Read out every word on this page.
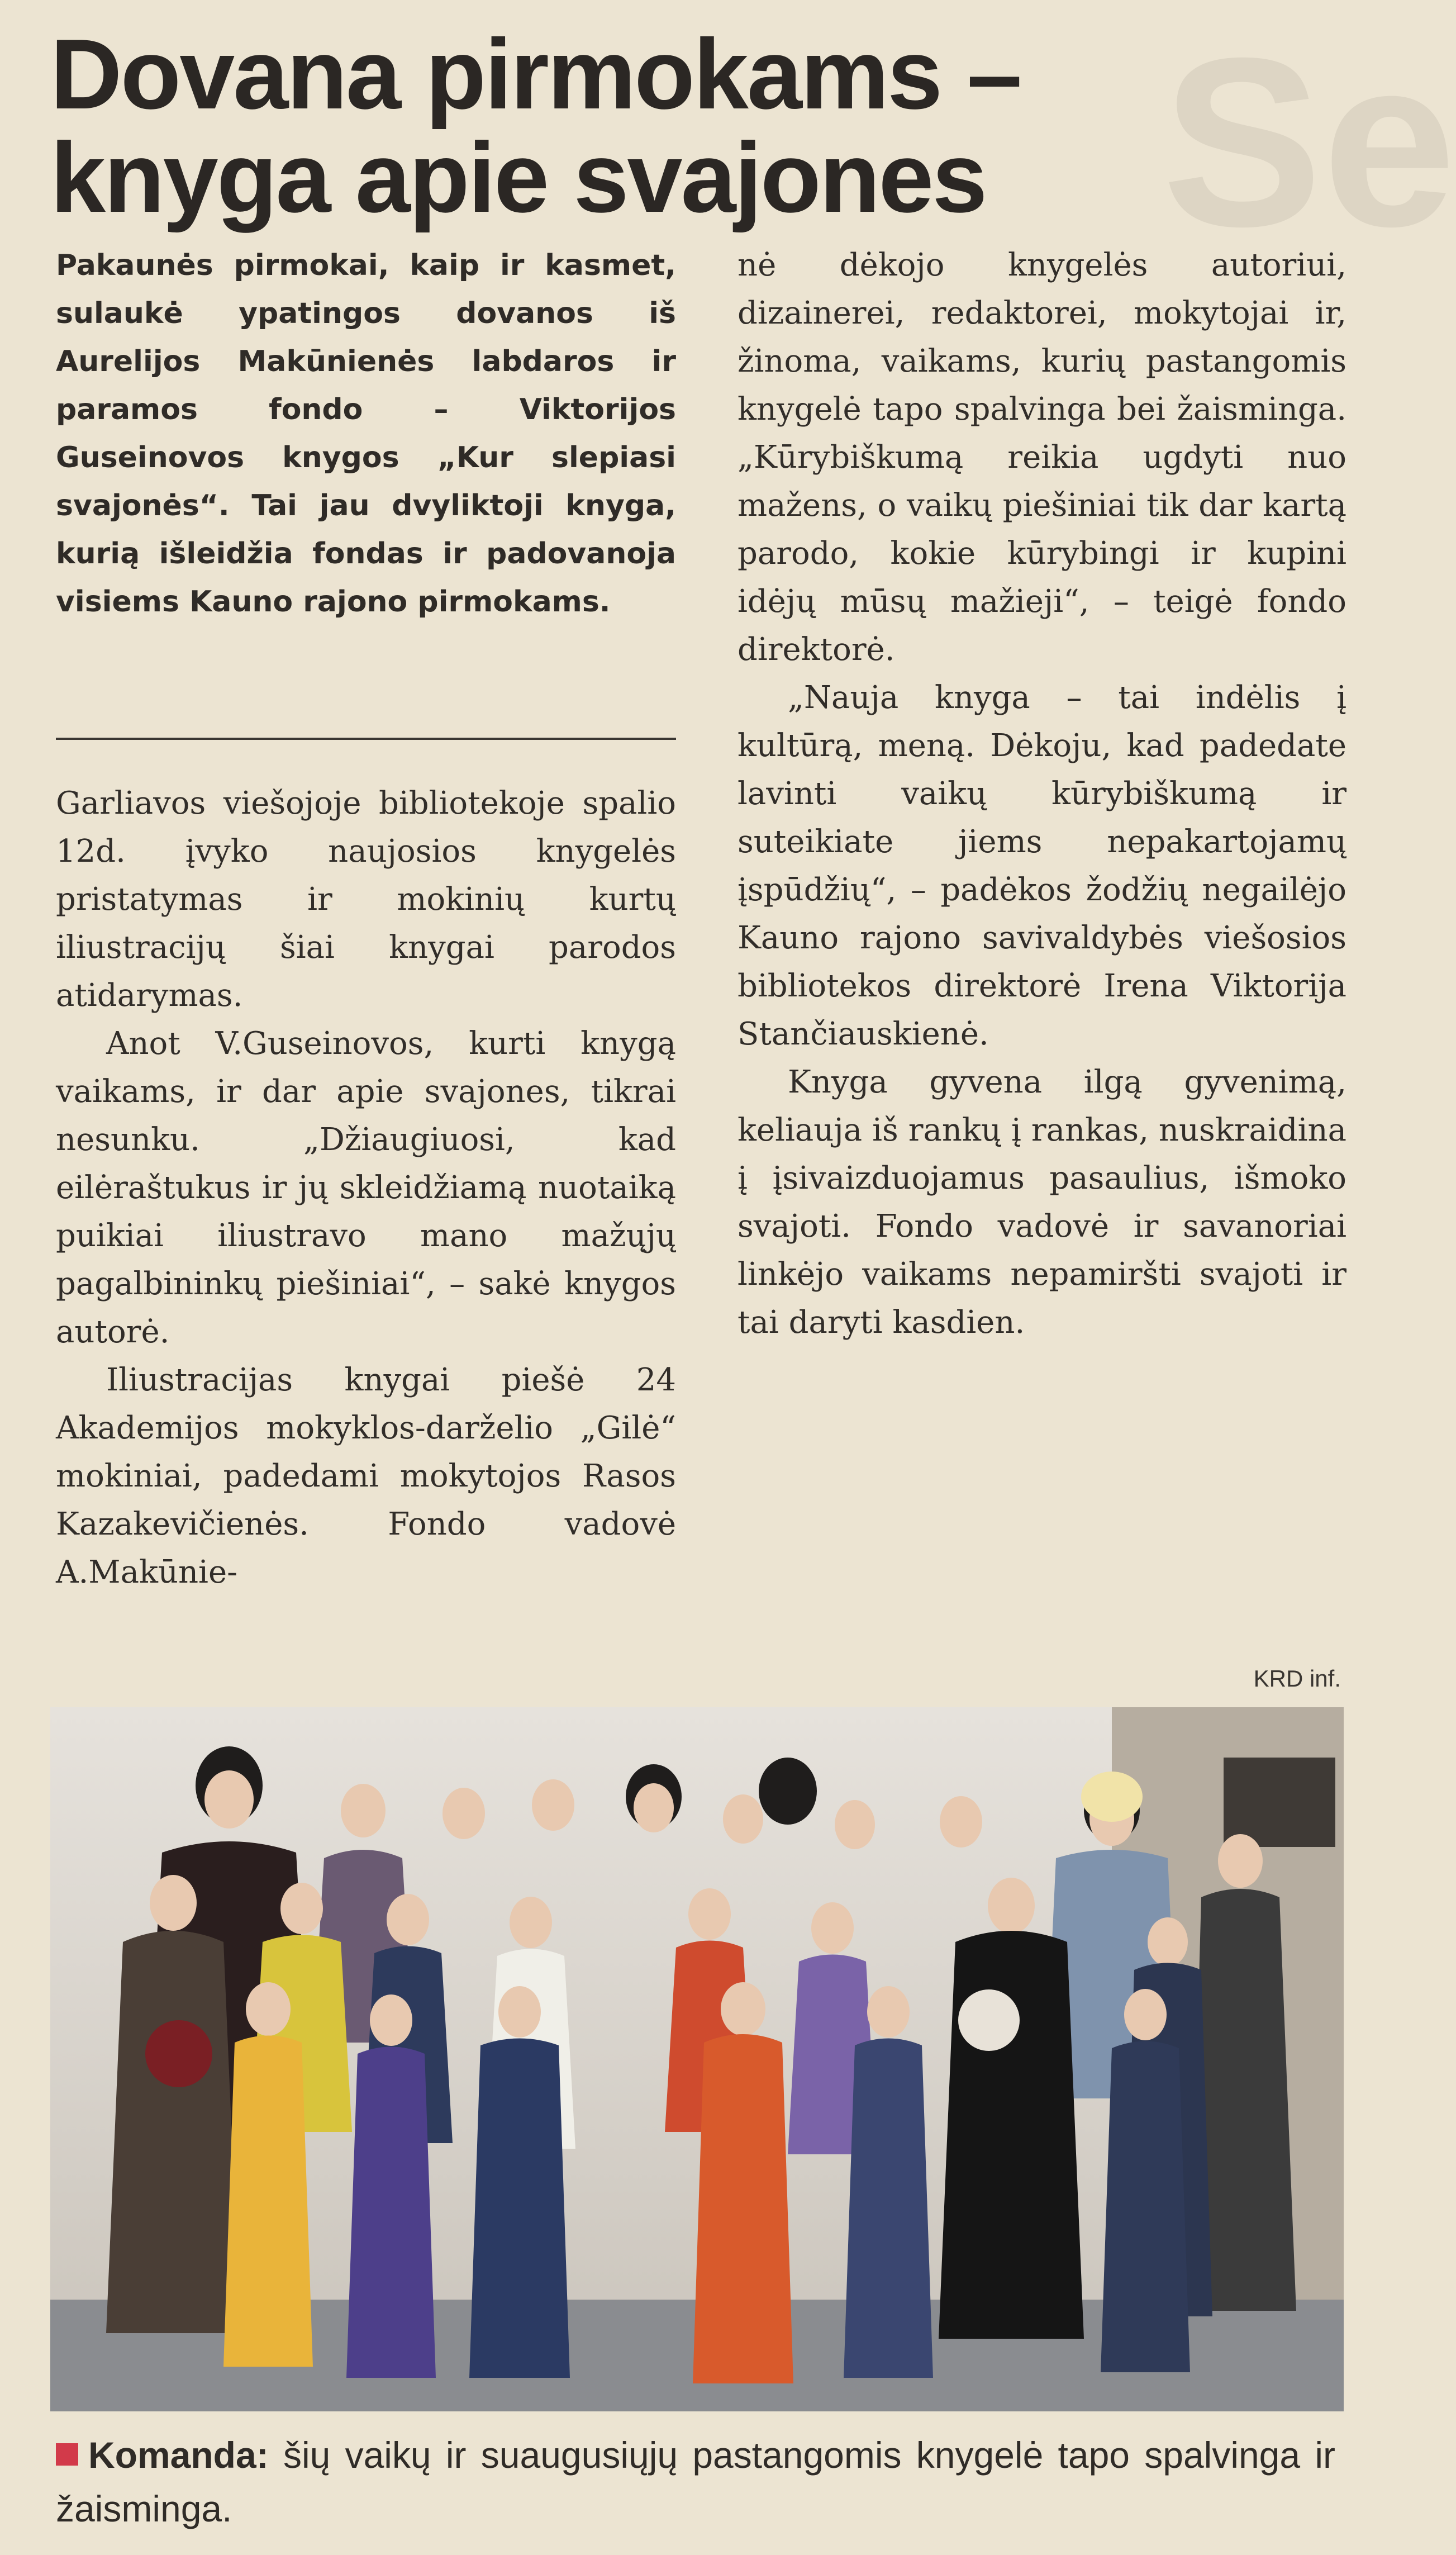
Se
Dovana pirmokams –
knyga apie svajones

Pakaunės pirmokai, kaip ir kasmet, sulaukė ypatingos dovanos iš Aurelijos Makūnienės labdaros ir paramos fondo – Viktorijos Guseinovos knygos „Kur slepiasi svajonės“. Tai jau dvyliktoji knyga, kurią išleidžia fondas ir padovanoja visiems Kauno rajono pirmokams.

Garliavos viešojoje bibliotekoje spalio 12d. įvyko naujosios knygelės pristatymas ir mokinių kurtų iliustracijų šiai knygai parodos atidarymas.

Anot V.Guseinovos, kurti knygą vaikams, ir dar apie svajones, tikrai nesunku. „Džiaugiuosi, kad eilėraštukus ir jų skleidžiamą nuotaiką puikiai iliustravo mano mažųjų pagalbininkų piešiniai“, – sakė knygos autorė.

Iliustracijas knygai piešė 24 Akademijos mokyklos-darželio „Gilė“ mokiniai, padedami mokytojos Rasos Kazakevičienės. Fondo vadovė A.Makūnie-

nė dėkojo knygelės autoriui, dizainerei, redaktorei, mokytojai ir, žinoma, vaikams, kurių pastangomis knygelė tapo spalvinga bei žaisminga. „Kūrybiškumą reikia ugdyti nuo mažens, o vaikų piešiniai tik dar kartą parodo, kokie kūrybingi ir kupini idėjų mūsų mažieji“, – teigė fondo direktorė.

„Nauja knyga – tai indėlis į kultūrą, meną. Dėkoju, kad padedate lavinti vaikų kūrybiškumą ir suteikiate jiems nepakartojamų įspūdžių“, – padėkos žodžių negailėjo Kauno rajono savivaldybės viešosios bibliotekos direktorė Irena Viktorija Stančiauskienė.

Knyga gyvena ilgą gyvenimą, keliauja iš rankų į rankas, nuskraidina į įsivaizduojamus pasaulius, išmoko svajoti. Fondo vadovė ir savanoriai linkėjo vaikams nepamiršti svajoti ir tai daryti kasdien.

KRD inf.
Komanda: šių vaikų ir suaugusiųjų pastangomis knygelė tapo spalvinga ir žaisminga.
